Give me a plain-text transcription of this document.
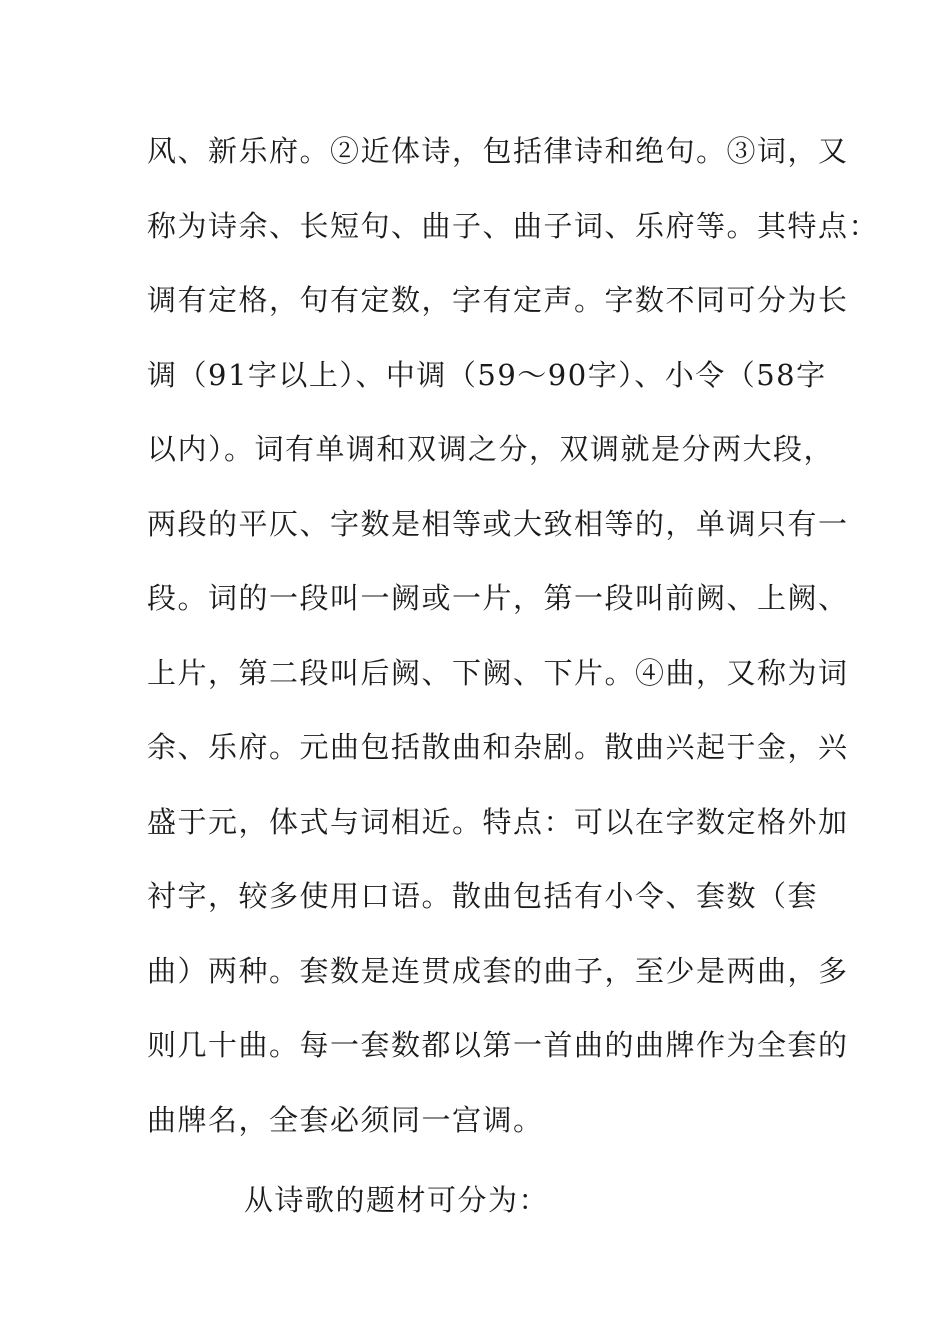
风、新乐府。②近体诗，包括律诗和绝句。③词，又
称为诗余、长短句、曲子、曲子词、乐府等。其特点：
调有定格，句有定数，字有定声。字数不同可分为长
调（91字以上）、中调（59～90字）、小令（58字
以内）。词有单调和双调之分，双调就是分两大段，
两段的平仄、字数是相等或大致相等的，单调只有一
段。词的一段叫一阙或一片，第一段叫前阙、上阙、
上片，第二段叫后阙、下阙、下片。④曲，又称为词
余、乐府。元曲包括散曲和杂剧。散曲兴起于金，兴
盛于元，体式与词相近。特点：可以在字数定格外加
衬字，较多使用口语。散曲包括有小令、套数（套
曲）两种。套数是连贯成套的曲子，至少是两曲，多
则几十曲。每一套数都以第一首曲的曲牌作为全套的
曲牌名，全套必须同一宫调。
从诗歌的题材可分为：
